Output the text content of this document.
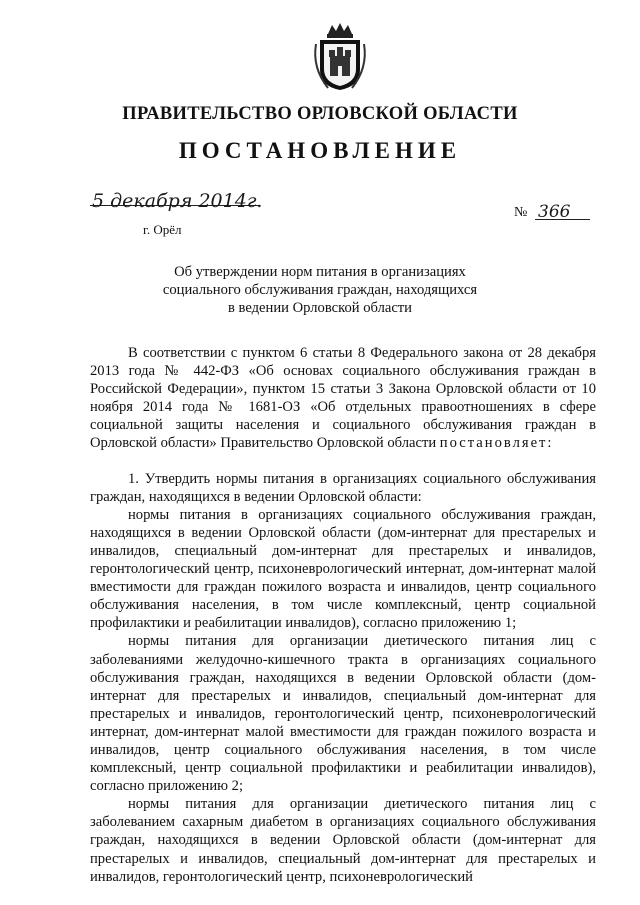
ПРАВИТЕЛЬСТВО ОРЛОВСКОЙ ОБЛАСТИ
ПОСТАНОВЛЕНИЕ
5 декабря 2014г.
г. Орёл
№ 366
Об утверждении норм питания в организациях
социального обслуживания граждан, находящихся
в ведении Орловской области

В соответствии с пунктом 6 статьи 8 Федерального закона от 28 декабря 2013 года № 442-ФЗ «Об основах социального обслуживания граждан в Российской Федерации», пунктом 15 статьи 3 Закона Орловской области от 10 ноября 2014 года № 1681-ОЗ «Об отдельных правоотношениях в сфере социальной защиты населения и социального обслуживания граждан в Орловской области» Правительство Орловской области постановляет:

1. Утвердить нормы питания в организациях социального обслуживания граждан, находящихся в ведении Орловской области:

нормы питания в организациях социального обслуживания граждан, находящихся в ведении Орловской области (дом-интернат для престарелых и инвалидов, специальный дом-интернат для престарелых и инвалидов, геронтологический центр, психоневрологический интернат, дом-интернат малой вместимости для граждан пожилого возраста и инвалидов, центр социального обслуживания населения, в том числе комплексный, центр социальной профилактики и реабилитации инвалидов), согласно приложению 1;

нормы питания для организации диетического питания лиц с заболеваниями желудочно-кишечного тракта в организациях социального обслуживания граждан, находящихся в ведении Орловской области (дом-интернат для престарелых и инвалидов, специальный дом-интернат для престарелых и инвалидов, геронтологический центр, психоневрологический интернат, дом-интернат малой вместимости для граждан пожилого возраста и инвалидов, центр социального обслуживания населения, в том числе комплексный, центр социальной профилактики и реабилитации инвалидов), согласно приложению 2;

нормы питания для организации диетического питания лиц с заболеванием сахарным диабетом в организациях социального обслуживания граждан, находящихся в ведении Орловской области (дом-интернат для престарелых и инвалидов, специальный дом-интернат для престарелых и инвалидов, геронтологический центр, психоневрологический
